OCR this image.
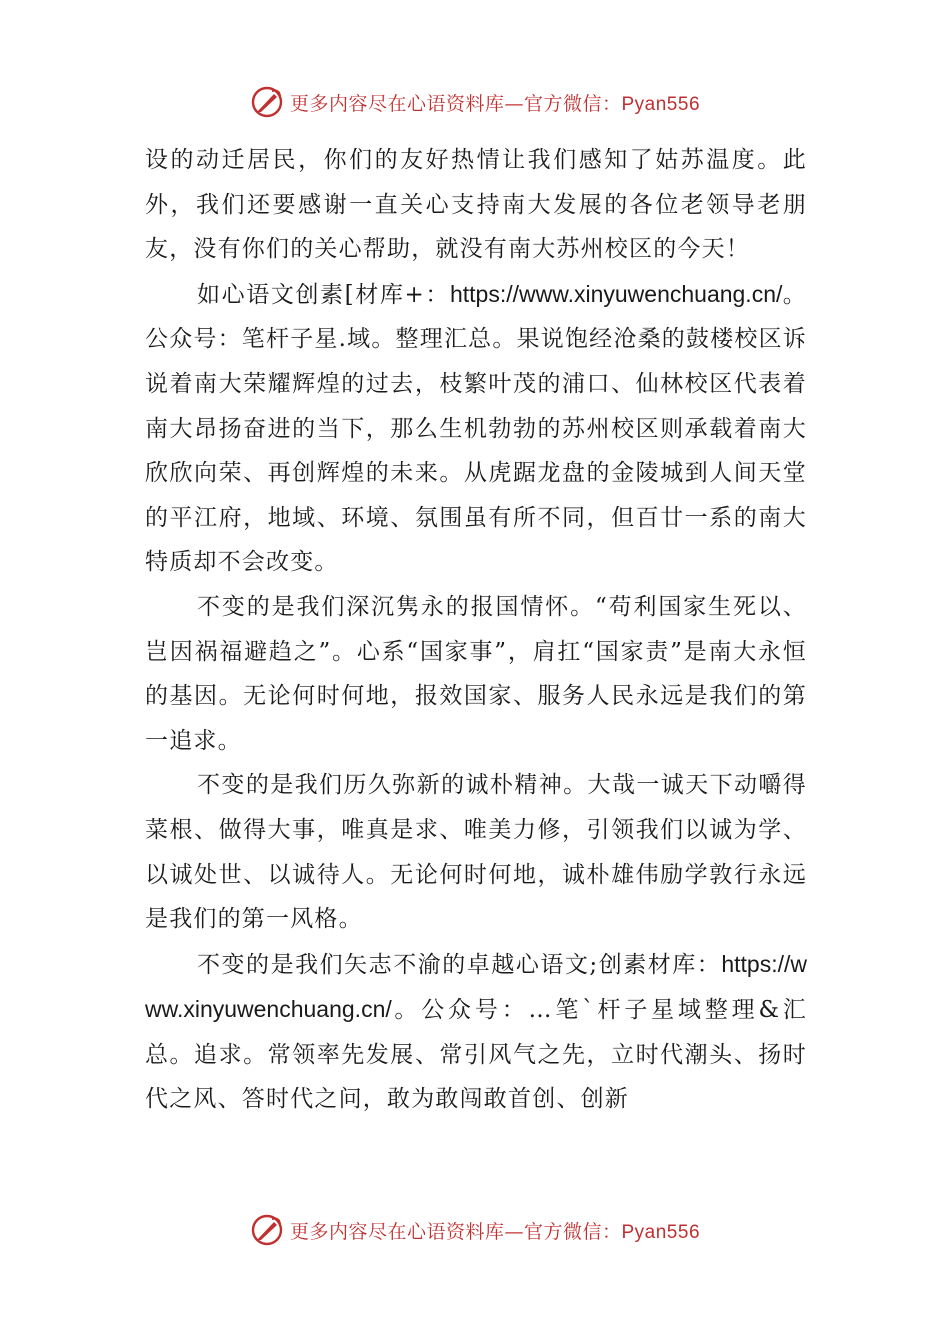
更多内容尽在心语资料库—官方微信：Pyan556

设的动迁居民，你们的友好热情让我们感知了姑苏温度。此外，我们还要感谢一直关心支持南大发展的各位老领导老朋友，没有你们的关心帮助，就没有南大苏州校区的今天！

如心语文创素[材库+：https://www.xinyuwenchuang.cn/。公众号：笔杆子星.域。整理汇总。果说饱经沧桑的鼓楼校区诉说着南大荣耀辉煌的过去，枝繁叶茂的浦口、仙林校区代表着南大昂扬奋进的当下，那么生机勃勃的苏州校区则承载着南大欣欣向荣、再创辉煌的未来。从虎踞龙盘的金陵城到人间天堂的平江府，地域、环境、氛围虽有所不同，但百廿一系的南大特质却不会改变。

不变的是我们深沉隽永的报国情怀。“苟利国家生死以、岂因祸福避趋之”。心系“国家事”，肩扛“国家责”是南大永恒的基因。无论何时何地，报效国家、服务人民永远是我们的第一追求。

不变的是我们历久弥新的诚朴精神。大哉一诚天下动嚼得菜根、做得大事，唯真是求、唯美力修，引领我们以诚为学、以诚处世、以诚待人。无论何时何地，诚朴雄伟励学敦行永远是我们的第一风格。

不变的是我们矢志不渝的卓越心语文;创素材库：https://www.xinyuwenchuang.cn/。公众号：…笔`杆子星域整理&汇总。追求。常领率先发展、常引风气之先，立时代潮头、扬时代之风、答时代之问，敢为敢闯敢首创、创新

更多内容尽在心语资料库—官方微信：Pyan556
